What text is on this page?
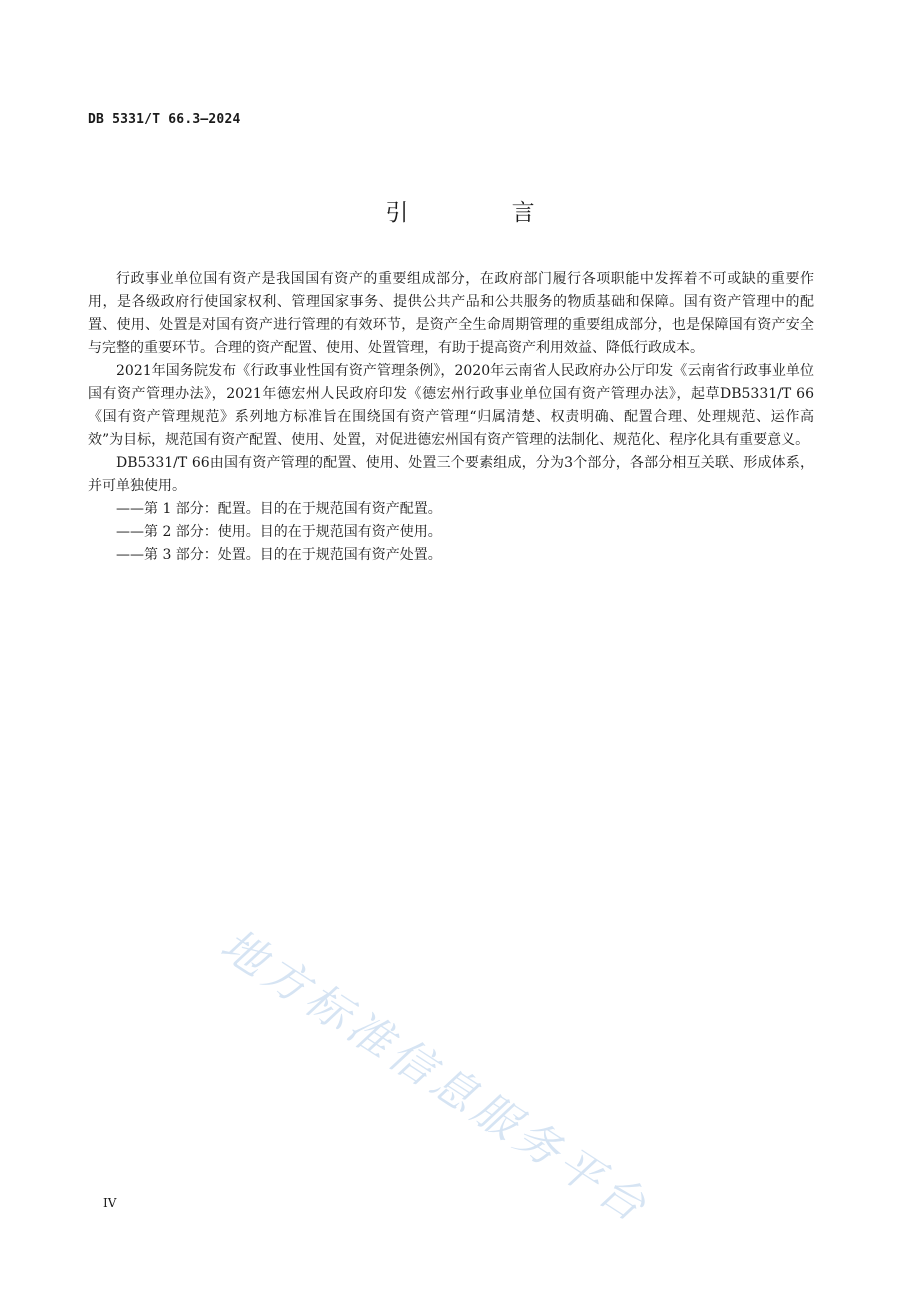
DB 5331/T 66.3—2024
引 言

行政事业单位国有资产是我国国有资产的重要组成部分，在政府部门履行各项职能中发挥着不可或缺的重要作用，是各级政府行使国家权利、管理国家事务、提供公共产品和公共服务的物质基础和保障。国有资产管理中的配置、使用、处置是对国有资产进行管理的有效环节，是资产全生命周期管理的重要组成部分，也是保障国有资产安全与完整的重要环节。合理的资产配置、使用、处置管理，有助于提高资产利用效益、降低行政成本。

2021年国务院发布《行政事业性国有资产管理条例》，2020年云南省人民政府办公厅印发《云南省行政事业单位国有资产管理办法》，2021年德宏州人民政府印发《德宏州行政事业单位国有资产管理办法》，起草DB5331/T 66《国有资产管理规范》系列地方标准旨在围绕国有资产管理“归属清楚、权责明确、配置合理、处理规范、运作高效”为目标，规范国有资产配置、使用、处置，对促进德宏州国有资产管理的法制化、规范化、程序化具有重要意义。

DB5331/T 66由国有资产管理的配置、使用、处置三个要素组成，分为3个部分，各部分相互关联、形成体系，并可单独使用。

——第 1 部分：配置。目的在于规范国有资产配置。

——第 2 部分：使用。目的在于规范国有资产使用。

——第 3 部分：处置。目的在于规范国有资产处置。

地方标准信息服务平台
IV
